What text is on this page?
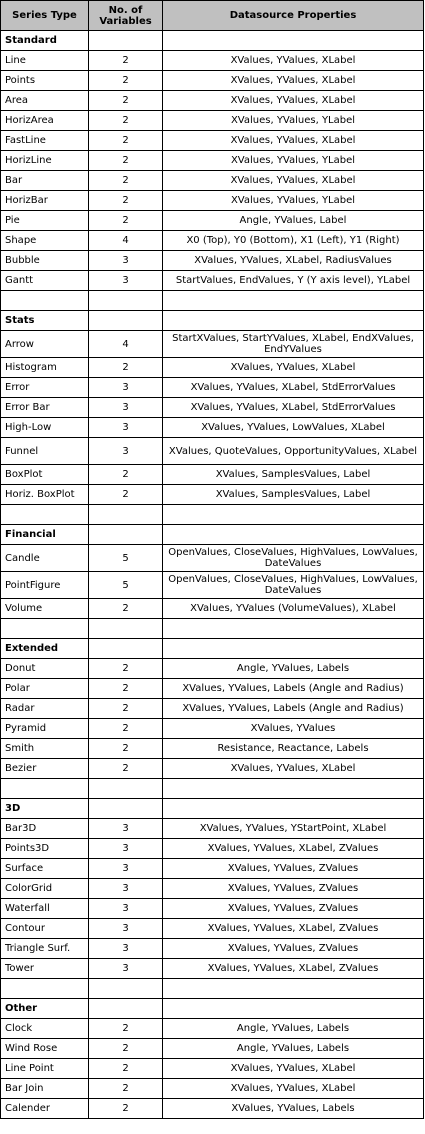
Series Type	No. of Variables	Datasource Properties
Standard		
Line	2	XValues, YValues, XLabel
Points	2	XValues, YValues, XLabel
Area	2	XValues, YValues, XLabel
HorizArea	2	XValues, YValues, YLabel
FastLine	2	XValues, YValues, XLabel
HorizLine	2	XValues, YValues, YLabel
Bar	2	XValues, YValues, XLabel
HorizBar	2	XValues, YValues, YLabel
Pie	2	Angle, YValues, Label
Shape	4	X0 (Top), Y0 (Bottom), X1 (Left), Y1 (Right)
Bubble	3	XValues, YValues, XLabel, RadiusValues
Gantt	3	StartValues, EndValues, Y (Y axis level), YLabel

Stats		
Arrow	4	StartXValues, StartYValues, XLabel, EndXValues, EndYValues
Histogram	2	XValues, YValues, XLabel
Error	3	XValues, YValues, XLabel, StdErrorValues
Error Bar	3	XValues, YValues, XLabel, StdErrorValues
High-Low	3	XValues, YValues, LowValues, XLabel
Funnel	3	XValues, QuoteValues, OpportunityValues, XLabel
BoxPlot	2	XValues, SamplesValues, Label
Horiz. BoxPlot	2	XValues, SamplesValues, Label

Financial		
Candle	5	OpenValues, CloseValues, HighValues, LowValues, DateValues
PointFigure	5	OpenValues, CloseValues, HighValues, LowValues, DateValues
Volume	2	XValues, YValues (VolumeValues), XLabel

Extended		
Donut	2	Angle, YValues, Labels
Polar	2	XValues, YValues, Labels (Angle and Radius)
Radar	2	XValues, YValues, Labels (Angle and Radius)
Pyramid	2	XValues, YValues
Smith	2	Resistance, Reactance, Labels
Bezier	2	XValues, YValues, XLabel

3D		
Bar3D	3	XValues, YValues, YStartPoint, XLabel
Points3D	3	XValues, YValues, XLabel, ZValues
Surface	3	XValues, YValues, ZValues
ColorGrid	3	XValues, YValues, ZValues
Waterfall	3	XValues, YValues, ZValues
Contour	3	XValues, YValues, XLabel, ZValues
Triangle Surf.	3	XValues, YValues, ZValues
Tower	3	XValues, YValues, XLabel, ZValues

Other		
Clock	2	Angle, YValues, Labels
Wind Rose	2	Angle, YValues, Labels
Line Point	2	XValues, YValues, XLabel
Bar Join	2	XValues, YValues, XLabel
Calender	2	XValues, YValues, Labels
